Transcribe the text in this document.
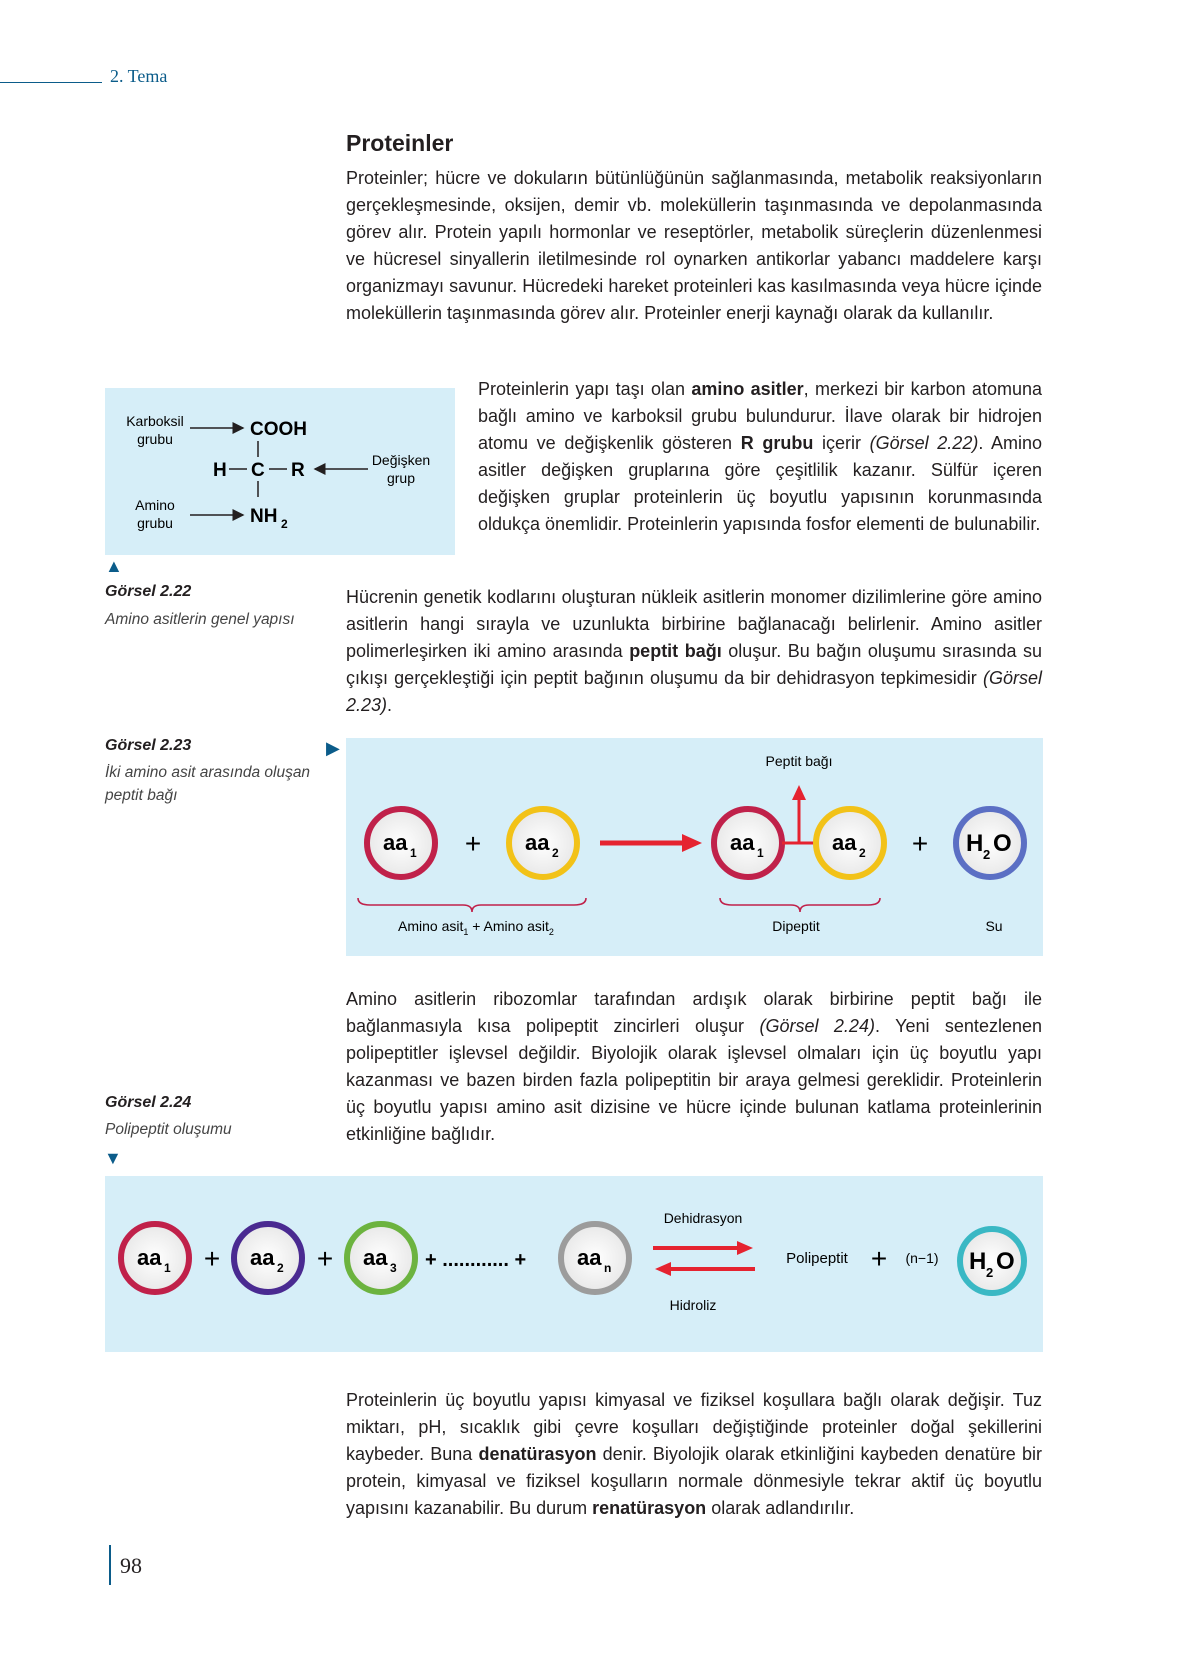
2. Tema
Proteinler

Proteinler; hücre ve dokuların bütünlüğünün sağlanmasında, metabolik reaksiyonların gerçekleşmesinde, oksijen, demir vb. moleküllerin taşınmasında ve depolanmasında görev alır. Protein yapılı hormonlar ve reseptörler, metabolik süreçlerin düzenlenmesi ve hücresel sinyallerin iletilmesinde rol oynarken antikorlar yabancı maddelere karşı organizmayı savunur. Hücredeki hareket proteinleri kas kasılmasında veya hücre içinde moleküllerin taşınmasında görev alır. Proteinler enerji kaynağı olarak da kullanılır.

Karboksil
grubu	COOH
H C R	Değişken
grup
Amino
grubu	NH 2
▲
Görsel 2.22
Amino asitlerin genel yapısı

Proteinlerin yapı taşı olan amino asitler, merkezi bir karbon atomuna bağlı amino ve karboksil grubu bulundurur. İlave olarak bir hidrojen atomu ve değişkenlik gösteren R grubu içerir (Görsel 2.22). Amino asitler değişken gruplarına göre çeşitlilik kazanır. Sülfür içeren değişken gruplar proteinlerin üç boyutlu yapısının korunmasında oldukça önemlidir. Proteinlerin yapısında fosfor elementi de bulunabilir.

Hücrenin genetik kodlarını oluşturan nükleik asitlerin monomer dizilimlerine göre amino asitlerin hangi sırayla ve uzunlukta birbirine bağlanacağı belirlenir. Amino asitler polimerleşirken iki amino arasında peptit bağı oluşur. Bu bağın oluşumu sırasında su çıkışı gerçekleştiği için peptit bağının oluşumu da bir dehidrasyon tepkimesidir (Görsel 2.23).

Görsel 2.23
İki amino asit arasında oluşan
peptit bağı
▶
aa 1 + aa 2	aa 1
Peptit bağı
aa 2 + H 2 O
Amino asit$_1$ + Amino asit$_2$	Dipeptit	Su

Amino asitlerin ribozomlar tarafından ardışık olarak birbirine peptit bağı ile bağlanmasıyla kısa polipeptit zincirleri oluşur (Görsel 2.24). Yeni sentezlenen polipeptitler işlevsel değildir. Biyolojik olarak işlevsel olmaları için üç boyutlu yapı kazanması ve bazen birden fazla polipeptitin bir araya gelmesi gereklidir. Proteinlerin üç boyutlu yapısı amino asit dizisine ve hücre içinde bulunan katlama proteinlerinin etkinliğine bağlıdır.

Görsel 2.24
Polipeptit oluşumu
▼
aa 1 + aa 2 + aa 3 + ............ + aa n
Dehidrasyon
Hidroliz
Polipeptit + (n−1) H 2 O

Proteinlerin üç boyutlu yapısı kimyasal ve fiziksel koşullara bağlı olarak değişir. Tuz miktarı, pH, sıcaklık gibi çevre koşulları değiştiğinde proteinler doğal şekillerini kaybeder. Buna denatürasyon denir. Biyolojik olarak etkinliğini kaybeden denatüre bir protein, kimyasal ve fiziksel koşulların normale dönmesiyle tekrar aktif üç boyutlu yapısını kazanabilir. Bu durum renatürasyon olarak adlandırılır.

98
